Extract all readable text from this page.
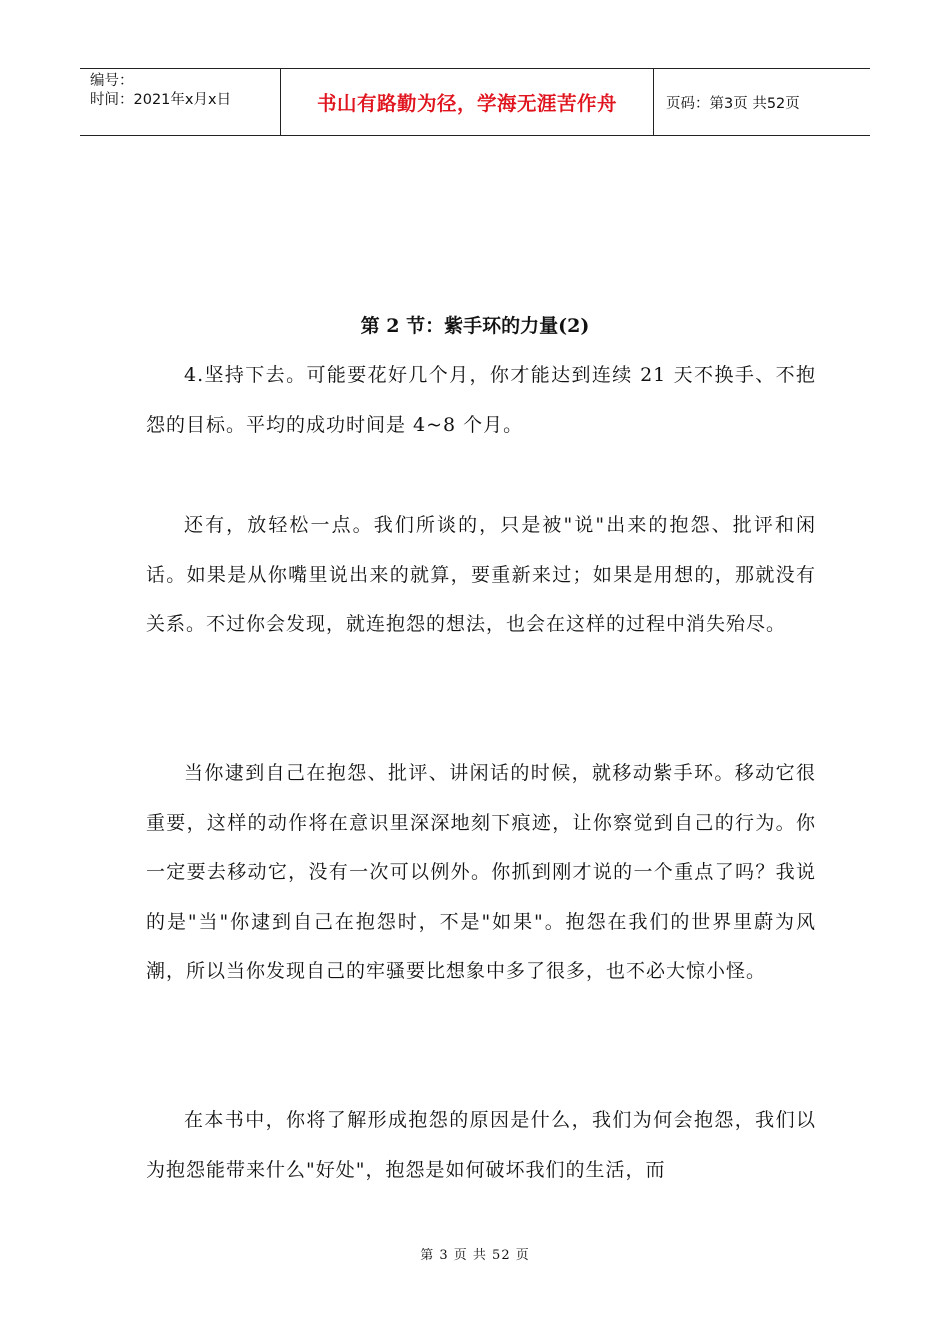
编号：
时间：2021年x月x日	书山有路勤为径，学海无涯苦作舟	页码：第3页 共52页
第 2 节：紫手环的力量(2)

4.坚持下去。可能要花好几个月，你才能达到连续 21 天不换手、不抱怨的目标。平均的成功时间是 4~8 个月。

还有，放轻松一点。我们所谈的，只是被"说"出来的抱怨、批评和闲话。如果是从你嘴里说出来的就算，要重新来过；如果是用想的，那就没有关系。不过你会发现，就连抱怨的想法，也会在这样的过程中消失殆尽。

当你逮到自己在抱怨、批评、讲闲话的时候，就移动紫手环。移动它很重要，这样的动作将在意识里深深地刻下痕迹，让你察觉到自己的行为。你一定要去移动它，没有一次可以例外。你抓到刚才说的一个重点了吗？我说的是"当"你逮到自己在抱怨时，不是"如果"。抱怨在我们的世界里蔚为风潮，所以当你发现自己的牢骚要比想象中多了很多，也不必大惊小怪。

在本书中，你将了解形成抱怨的原因是什么，我们为何会抱怨，我们以为抱怨能带来什么"好处"，抱怨是如何破坏我们的生活，而

第 3 页 共 52 页
